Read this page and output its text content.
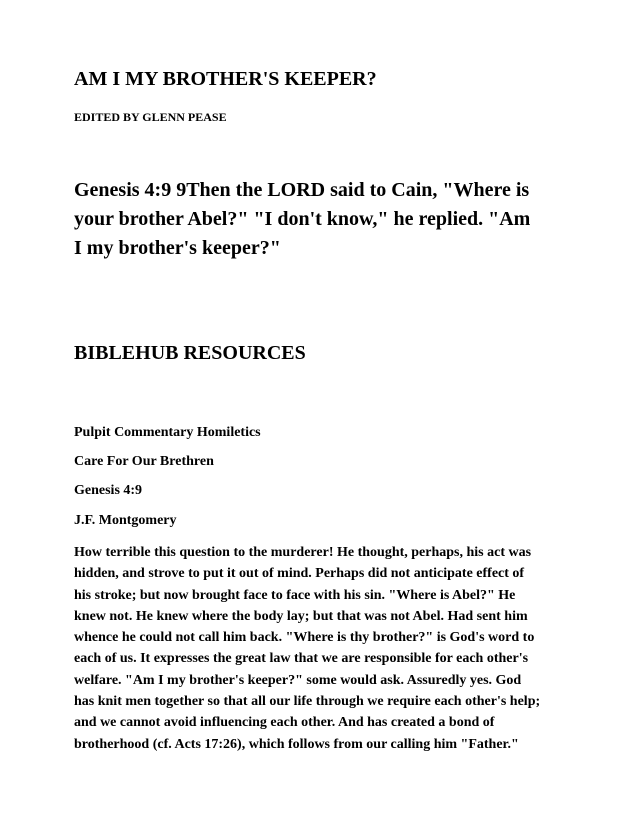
AM I MY BROTHER'S KEEPER?
EDITED BY GLENN PEASE
Genesis 4:9 9Then the LORD said to Cain, "Where is
your brother Abel?" "I don't know," he replied. "Am
I my brother's keeper?"
BIBLEHUB RESOURCES
Pulpit Commentary Homiletics
Care For Our Brethren
Genesis 4:9
J.F. Montgomery
How terrible this question to the murderer! He thought, perhaps, his act was
hidden, and strove to put it out of mind. Perhaps did not anticipate effect of
his stroke; but now brought face to face with his sin. "Where is Abel?" He
knew not. He knew where the body lay; but that was not Abel. Had sent him
whence he could not call him back. "Where is thy brother?" is God's word to
each of us. It expresses the great law that we are responsible for each other's
welfare. "Am I my brother's keeper?" some would ask. Assuredly yes. God
has knit men together so that all our life through we require each other's help;
and we cannot avoid influencing each other. And has created a bond of
brotherhood (cf. Acts 17:26), which follows from our calling him "Father."
